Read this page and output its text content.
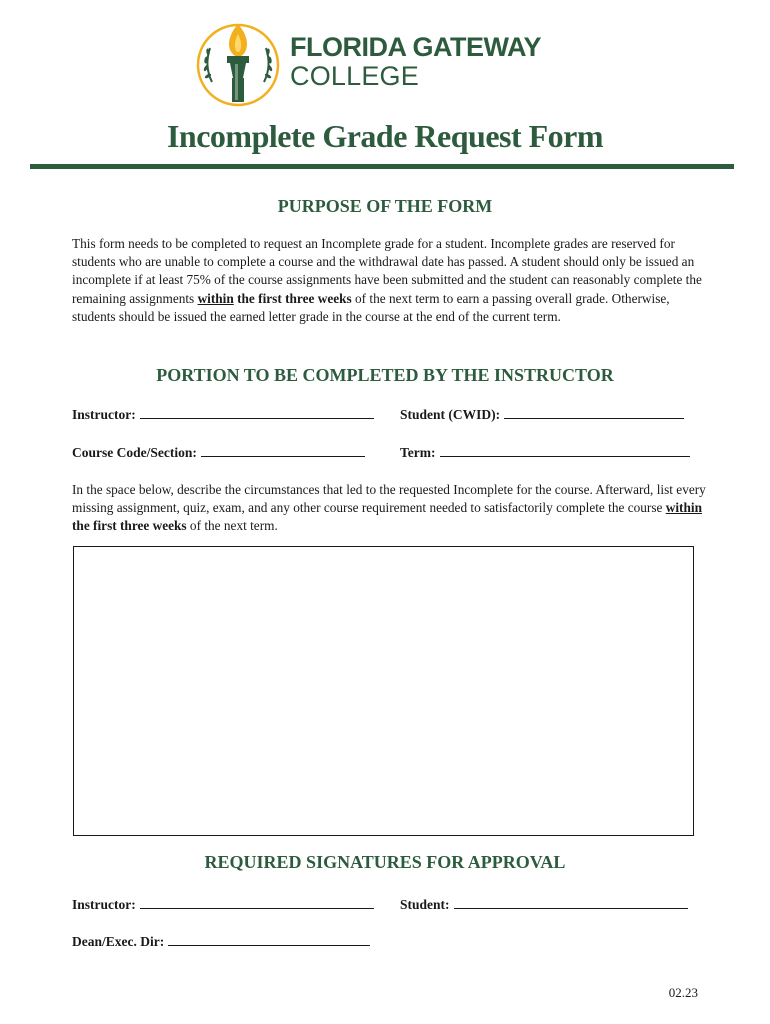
FLORIDA GATEWAY
COLLEGE
Incomplete Grade Request Form
PURPOSE OF THE FORM
This form needs to be completed to request an Incomplete grade for a student. Incomplete grades are reserved for students who are unable to complete a course and the withdrawal date has passed. A student should only be issued an incomplete if at least 75% of the course assignments have been submitted and the student can reasonably complete the remaining assignments within the first three weeks of the next term to earn a passing overall grade. Otherwise, students should be issued the earned letter grade in the course at the end of the current term.
PORTION TO BE COMPLETED BY THE INSTRUCTOR
Instructor:	Student (CWID):
Course Code/Section:	Term:
In the space below, describe the circumstances that led to the requested Incomplete for the course. Afterward, list every missing assignment, quiz, exam, and any other course requirement needed to satisfactorily complete the course within the first three weeks of the next term.
REQUIRED SIGNATURES FOR APPROVAL
Instructor:	Student:
Dean/Exec. Dir:
02.23
